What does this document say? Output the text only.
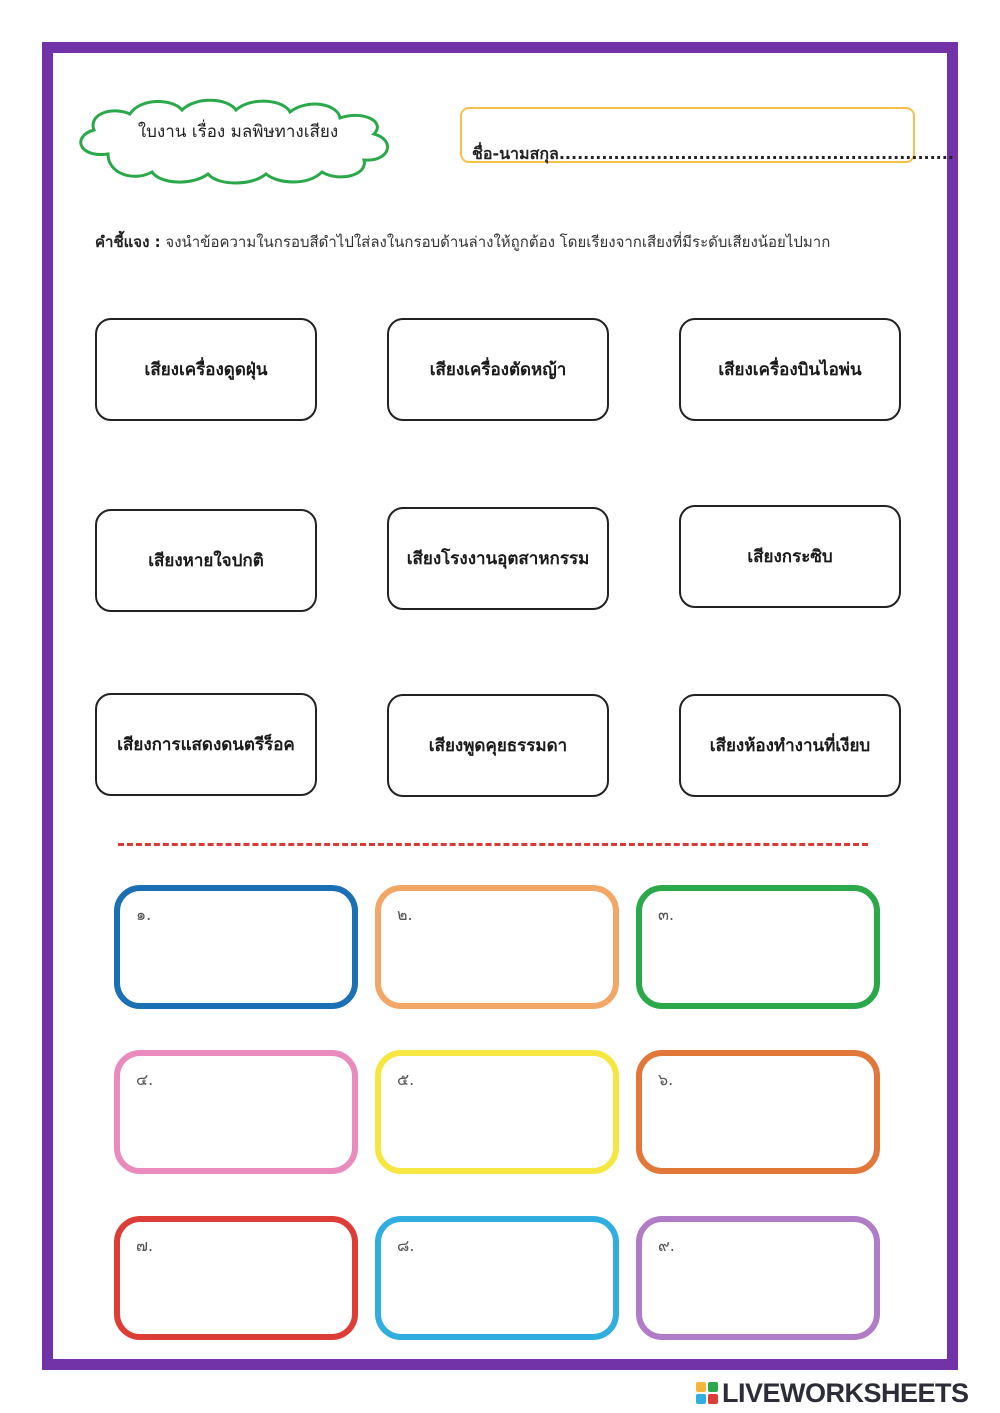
ใบงาน เรื่อง มลพิษทางเสียง
ชื่อ-นามสกุล.................................................................
คำชี้แจง : จงนำข้อความในกรอบสีดำไปใส่ลงในกรอบด้านล่างให้ถูกต้อง โดยเรียงจากเสียงที่มีระดับเสียงน้อยไปมาก
เสียงเครื่องดูดฝุ่น	เสียงเครื่องตัดหญ้า	เสียงเครื่องบินไอพ่น
เสียงหายใจปกติ	เสียงโรงงานอุตสาหกรรม	เสียงกระซิบ
เสียงการแสดงดนตรีร็อค	เสียงพูดคุยธรรมดา	เสียงห้องทำงานที่เงียบ
๑.	๒.	๓.
๔.	๕.	๖.
๗.	๘.	๙.
LIVEWORKSHEETS
